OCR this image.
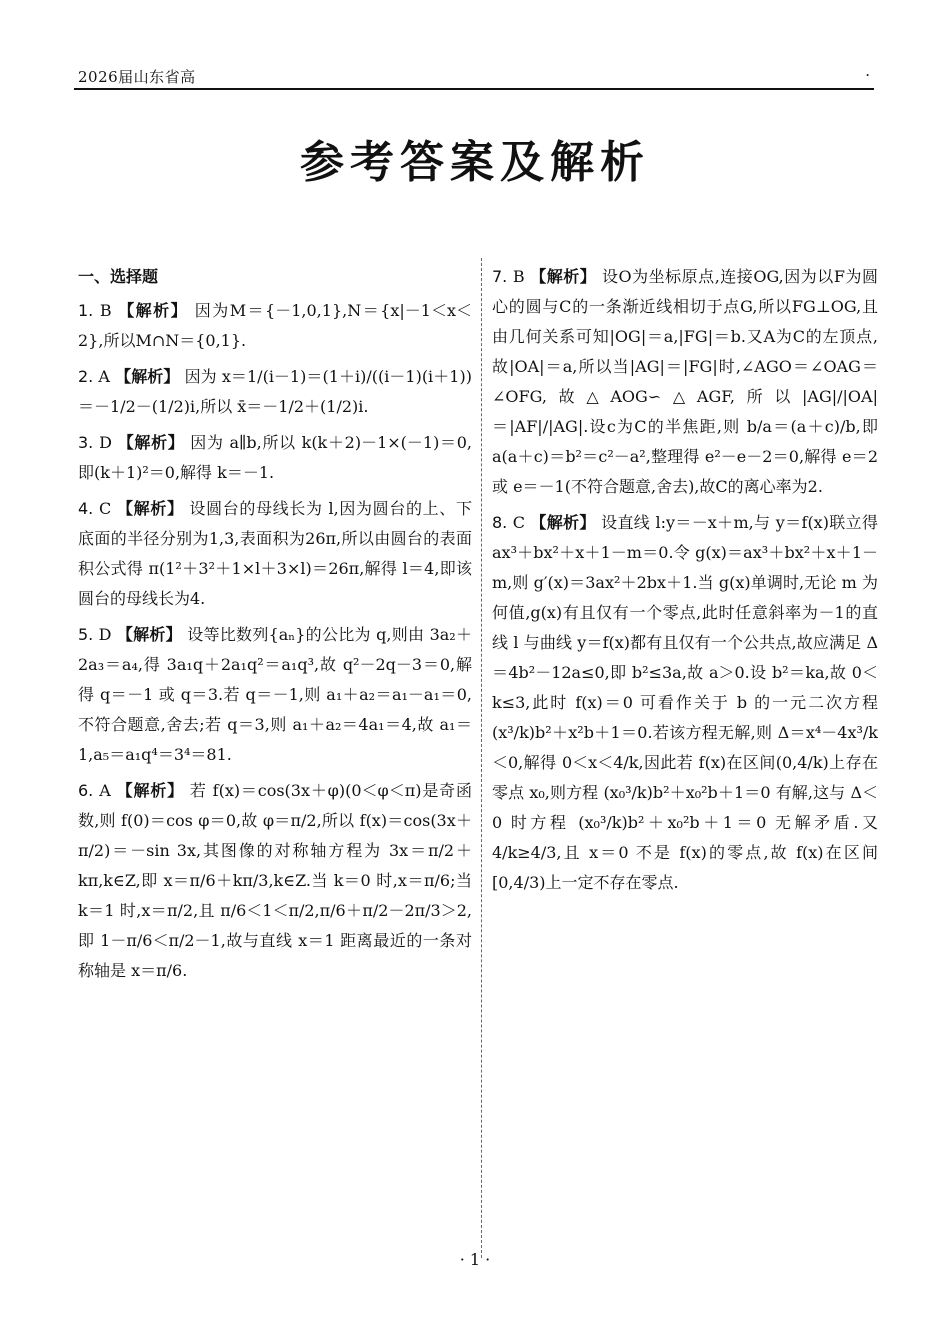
2026届山东省高	·
参考答案及解析
一、选择题
1. B 【解析】 因为M＝{－1,0,1},N＝{x|－1＜x＜2},所以M∩N＝{0,1}.
2. A 【解析】 因为 x＝1/(i－1)＝(1＋i)/((i－1)(i＋1))＝－1/2－(1/2)i,所以 x̄＝－1/2＋(1/2)i.
3. D 【解析】 因为 a∥b,所以 k(k＋2)－1×(－1)＝0,即(k＋1)²＝0,解得 k＝－1.
4. C 【解析】 设圆台的母线长为 l,因为圆台的上、下底面的半径分别为1,3,表面积为26π,所以由圆台的表面积公式得 π(1²＋3²＋1×l＋3×l)＝26π,解得 l＝4,即该圆台的母线长为4.
5. D 【解析】 设等比数列{aₙ}的公比为 q,则由 3a₂＋2a₃＝a₄,得 3a₁q＋2a₁q²＝a₁q³,故 q²－2q－3＝0,解得 q＝－1 或 q＝3.若 q＝－1,则 a₁＋a₂＝a₁－a₁＝0,不符合题意,舍去;若 q＝3,则 a₁＋a₂＝4a₁＝4,故 a₁＝1,a₅＝a₁q⁴＝3⁴＝81.
6. A 【解析】 若 f(x)＝cos(3x＋φ)(0＜φ＜π)是奇函数,则 f(0)＝cos φ＝0,故 φ＝π/2,所以 f(x)＝cos(3x＋π/2)＝－sin 3x,其图像的对称轴方程为 3x＝π/2＋kπ,k∈Z,即 x＝π/6＋kπ/3,k∈Z.当 k＝0 时,x＝π/6;当 k＝1 时,x＝π/2,且 π/6＜1＜π/2,π/6＋π/2－2π/3＞2,即 1－π/6＜π/2－1,故与直线 x＝1 距离最近的一条对称轴是 x＝π/6.
7. B 【解析】 设O为坐标原点,连接OG,因为以F为圆心的圆与C的一条渐近线相切于点G,所以FG⊥OG,且由几何关系可知|OG|＝a,|FG|＝b.又A为C的左顶点,故|OA|＝a,所以当|AG|＝|FG|时,∠AGO＝∠OAG＝∠OFG,故△AOG∽△AGF,所以|AG|/|OA|＝|AF|/|AG|.设c为C的半焦距,则 b/a＝(a＋c)/b,即 a(a＋c)＝b²＝c²－a²,整理得 e²－e－2＝0,解得 e＝2 或 e＝－1(不符合题意,舍去),故C的离心率为2.
8. C 【解析】 设直线 l:y＝－x＋m,与 y＝f(x)联立得 ax³＋bx²＋x＋1－m＝0.令 g(x)＝ax³＋bx²＋x＋1－m,则 g′(x)＝3ax²＋2bx＋1.当 g(x)单调时,无论 m 为何值,g(x)有且仅有一个零点,此时任意斜率为－1的直线 l 与曲线 y＝f(x)都有且仅有一个公共点,故应满足 Δ＝4b²－12a≤0,即 b²≤3a,故 a＞0.设 b²＝ka,故 0＜k≤3,此时 f(x)＝0 可看作关于 b 的一元二次方程 (x³/k)b²＋x²b＋1＝0.若该方程无解,则 Δ＝x⁴－4x³/k＜0,解得 0＜x＜4/k,因此若 f(x)在区间(0,4/k)上存在零点 x₀,则方程 (x₀³/k)b²＋x₀²b＋1＝0 有解,这与 Δ＜0 时方程 (x₀³/k)b²＋x₀²b＋1＝0 无解矛盾.又 4/k≥4/3,且 x＝0 不是 f(x)的零点,故 f(x)在区间[0,4/3)上一定不存在零点.
· 1 ·
